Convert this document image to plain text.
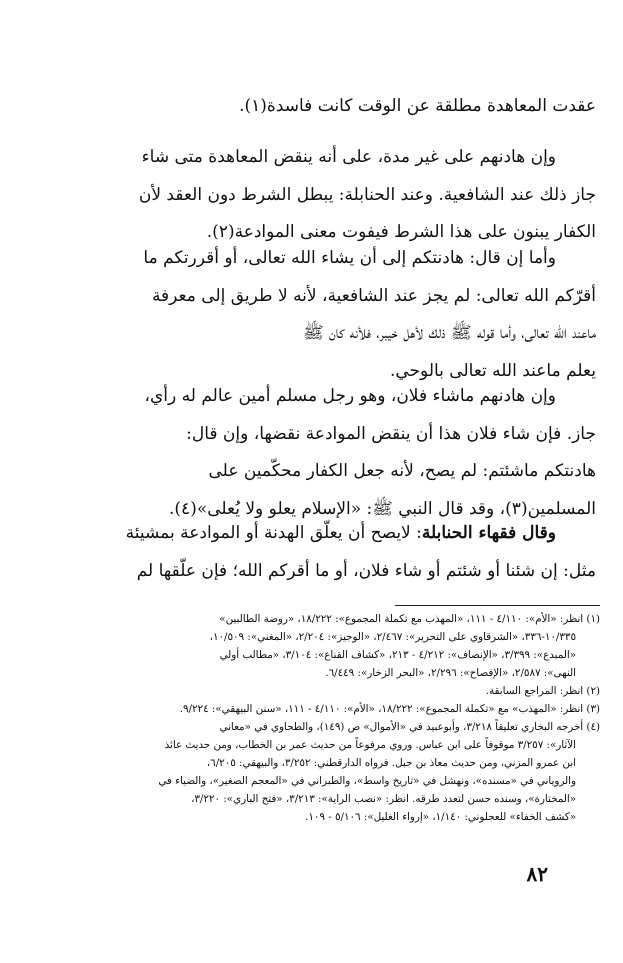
عقدت المعاهدة مطلقة عن الوقت كانت فاسدة(١).
وإن هادنهم على غير مدة، على أنه ينقض المعاهدة متى شاء
جاز ذلك عند الشافعية. وعند الحنابلة: يبطل الشرط دون العقد لأن
الكفار يبنون على هذا الشرط فيفوت معنى الموادعة(٢).
وأما إن قال: هادنتكم إلى أن يشاء الله تعالى، أو أقررتكم ما
أقرّكم الله تعالى: لم يجز عند الشافعية، لأنه لا طريق إلى معرفة
ماعند الله تعالى، وأما قوله ﷺ ذلك لأهل خيبر، فلأنه كان ﷺ
يعلم ماعند الله تعالى بالوحي.
وإن هادنهم ماشاء فلان، وهو رجل مسلم أمين عالم له رأي،
جاز. فإن شاء فلان هذا أن ينقض الموادعة نقضها، وإن قال:
هادنتكم ماشئتم: لم يصح، لأنه جعل الكفار محكّمين على
المسلمين(٣)، وقد قال النبي ﷺ: «الإسلام يعلو ولا يُعلى»(٤).
وقال فقهاء الحنابلة: لايصح أن يعلّق الهدنة أو الموادعة بمشيئة
مثل: إن شئنا أو شئتم أو شاء فلان، أو ما أقركم الله؛ فإن علّقها لم
(١) انظر: «الأم»: ٤/١١٠ - ١١١، «المهذب مع تكملة المجموع»: ١٨/٢٢٢، «روضة الطالبين»
١٠/٣٣٥-٣٣٦، «الشرقاوي على التحرير»: ٢/٤٦٧، «الوجيز»: ٢/٢٠٤، «المغني»: ١٠/٥٠٩،
«المبدع»: ٣/٣٩٩، «الإنصاف»: ٤/٢١٢ - ٢١٣، «كشاف القناع»: ٣/١٠٤، «مطالب أولي
النهى»: ٢/٥٨٧، «الإفصاح»: ٢/٢٩٦، «البحر الزخار»: ٦/٤٤٩.
(٢) انظر: المراجع السابقة.
(٣) انظر: «المهذب» مع «تكملة المجموع»: ١٨/٢٢٢، «الأم»: ٤/١١٠ - ١١١، «سنن البيهقي»: ٩/٢٢٤.
(٤) أخرجه البخاري تعليقاً ٣/٢١٨، وأبوعبيد في «الأموال» ص (١٤٩)، والطحاوي في «معاني
الآثار»: ٣/٢٥٧ موقوفاً على ابن عباس. وروي مرفوعاً من حديث عمر بن الخطاب، ومن حديث عائذ
ابن عمرو المزني، ومن حديث معاذ بن جبل. فرواه الدارقطني: ٣/٢٥٢، والبيهقي: ٦/٢٠٥،
والروياني في «مسنده»، ونهشل في «تاريخ واسط»، والطبراني في «المعجم الصغير»، والضياء في
«المختارة»، وسنده حسن لتعدد طرقه. انظر: «نصب الراية»: ٣/٢١٣، «فتح الباري»: ٣/٢٢٠،
«كشف الخفاء» للعجلوني: ١/١٤٠، «إرواء الغليل»: ٥/١٠٦ - ١٠٩.
٨٢
